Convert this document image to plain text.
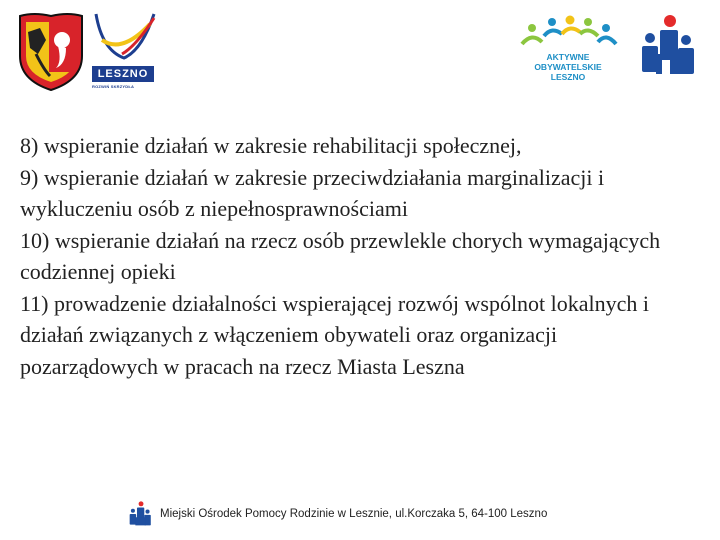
LESZNO
ROZWIŃ SKRZYDŁA
AKTYWNE
OBYWATELSKIE
LESZNO

8) wspieranie działań w zakresie rehabilitacji społecznej,

9) wspieranie działań w zakresie przeciwdziałania marginalizacji i wykluczeniu osób z niepełnosprawnościami

10) wspieranie działań na rzecz osób przewlekle chorych wymagających codziennej opieki

11) prowadzenie działalności wspierającej rozwój wspólnot lokalnych i działań związanych z włączeniem obywateli oraz organizacji pozarządowych w pracach na rzecz Miasta Leszna

Miejski Ośrodek Pomocy Rodzinie w Lesznie, ul.Korczaka 5, 64-100 Leszno
